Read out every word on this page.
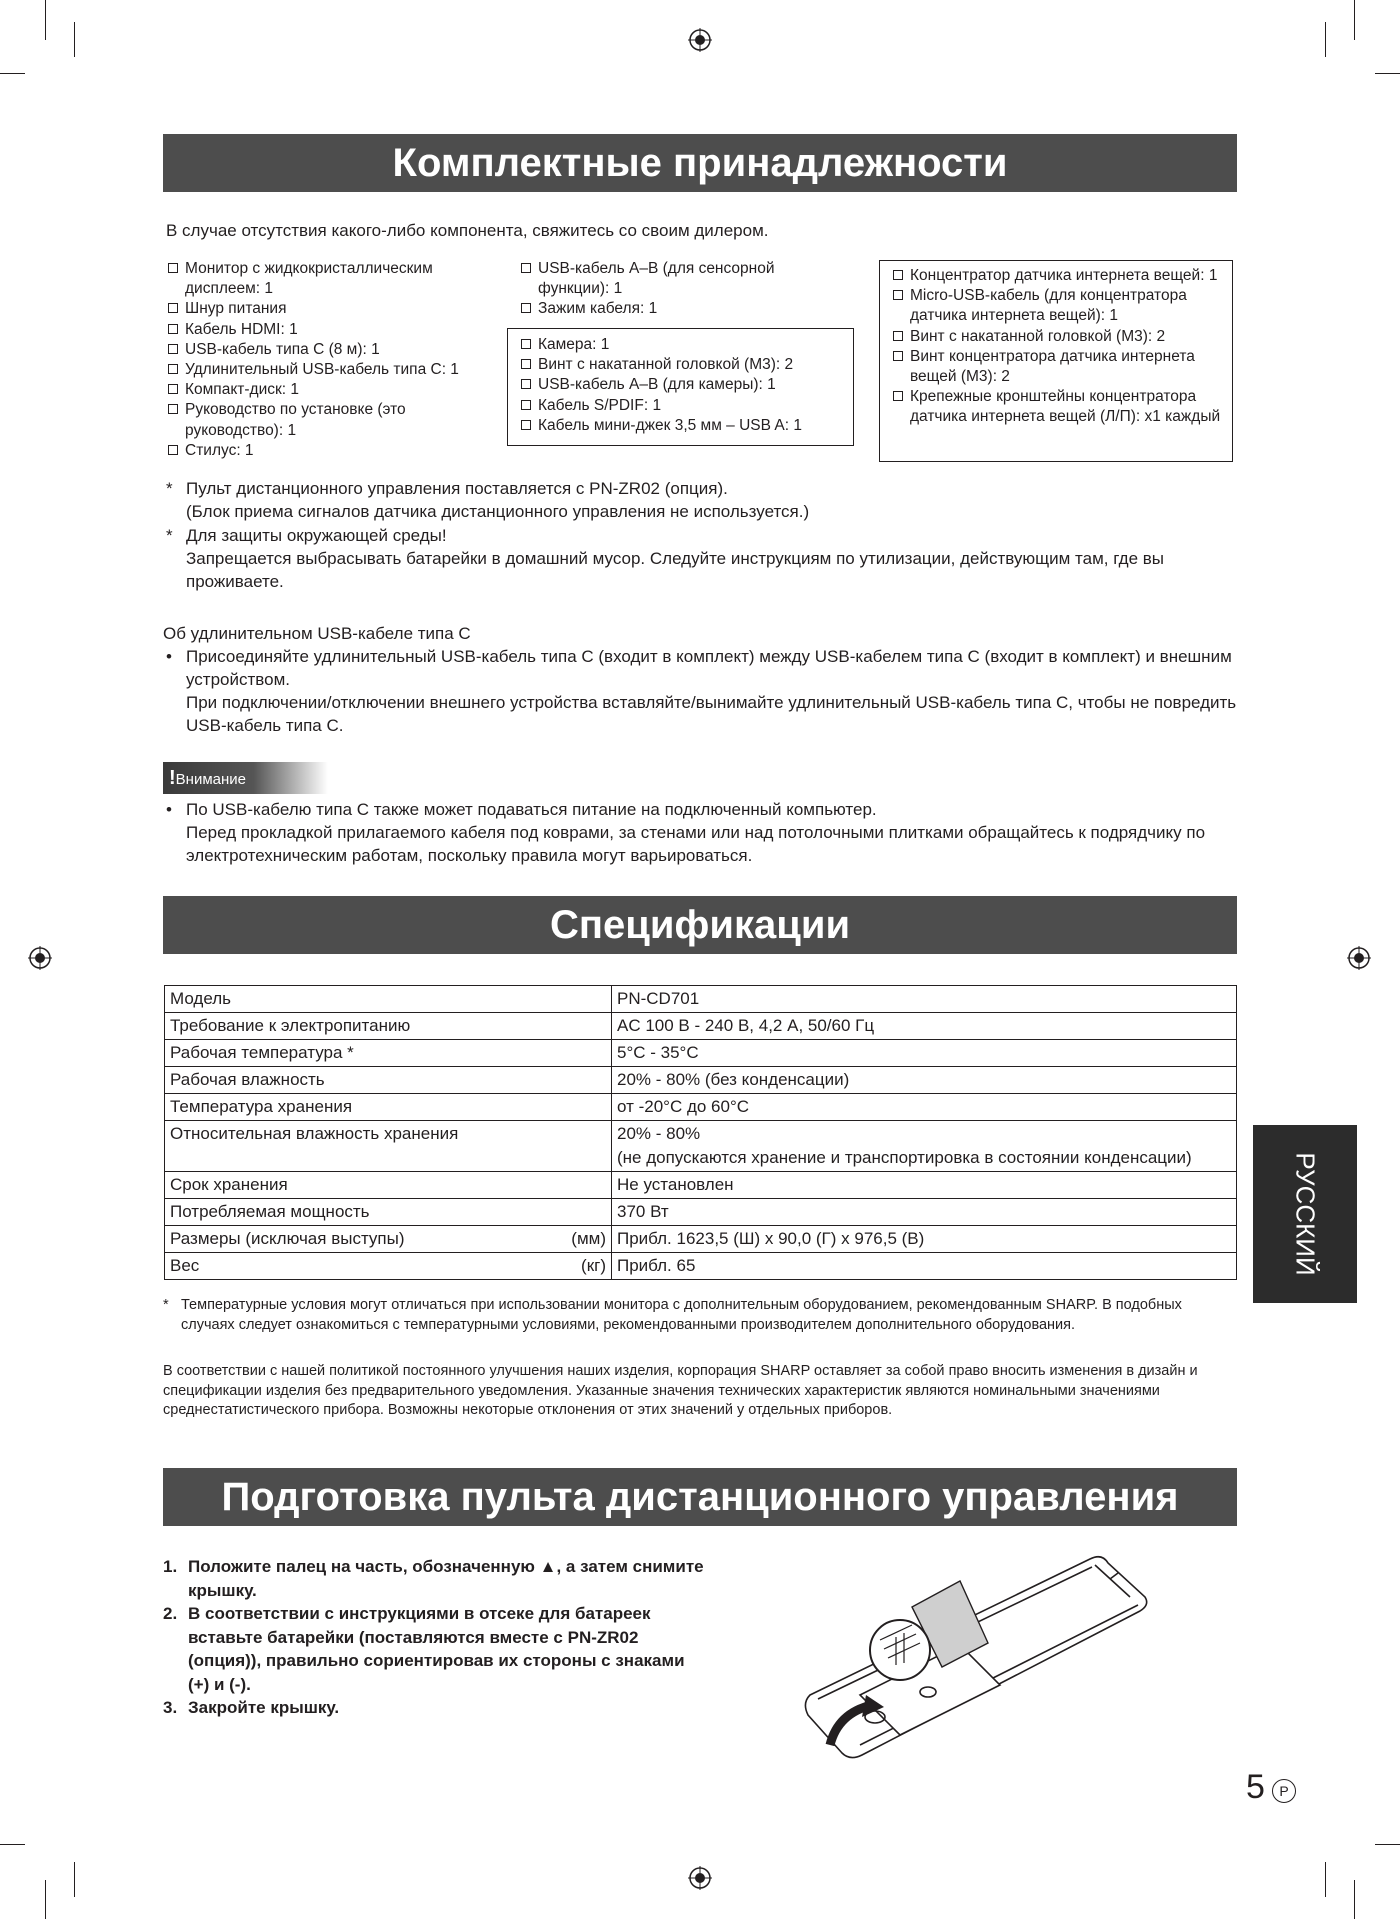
Комплектные принадлежности
В случае отсутствия какого-либо компонента, свяжитесь со своим дилером.
Монитор с жидкокристаллическим дисплеем: 1
Шнур питания
Кабель HDMI: 1
USB-кабель типа C (8 м): 1
Удлинительный USB-кабель типа C: 1
Компакт-диск: 1
Руководство по установке (это руководство): 1
Стилус: 1
USB-кабель A–B (для сенсорной функции): 1
Зажим кабеля: 1
Камера: 1
Винт с накатанной головкой (M3): 2
USB-кабель A–B (для камеры): 1
Кабель S/PDIF: 1
Кабель мини-джек 3,5 мм – USB A: 1
Концентратор датчика интернета вещей: 1
Micro-USB-кабель (для концентратора датчика интернета вещей): 1
Винт с накатанной головкой (M3): 2
Винт концентратора датчика интернета вещей (M3): 2
Крепежные кронштейны концентратора датчика интернета вещей (Л/П): x1 каждый
* Пульт дистанционного управления поставляется с PN-ZR02 (опция).
(Блок приема сигналов датчика дистанционного управления не используется.)
* Для защиты окружающей среды!
Запрещается выбрасывать батарейки в домашний мусор. Следуйте инструкциям по утилизации, действующим там, где вы проживаете.
Об удлинительном USB-кабеле типа C
• Присоединяйте удлинительный USB-кабель типа C (входит в комплект) между USB-кабелем типа C (входит в комплект) и внешним устройством.
При подключении/отключении внешнего устройства вставляйте/вынимайте удлинительный USB-кабель типа C, чтобы не повредить USB-кабель типа C.
!Внимание
• По USB-кабелю типа C также может подаваться питание на подключенный компьютер.
Перед прокладкой прилагаемого кабеля под коврами, за стенами или над потолочными плитками обращайтесь к подрядчику по электротехническим работам, поскольку правила могут варьироваться.
Спецификации
Модель	PN-CD701
Требование к электропитанию	AC 100 В - 240 В, 4,2 A, 50/60 Гц
Рабочая температура *	5°C - 35°C
Рабочая влажность	20% - 80% (без конденсации)
Температура хранения	от -20°C до 60°C
Относительная влажность хранения	20% - 80%
(не допускаются хранение и транспортировка в состоянии конденсации)

Срок хранения	Не установлен
Потребляемая мощность	370 Вт
Размеры (исключая выступы) (мм)	Прибл. 1623,5 (Ш) x 90,0 (Г) x 976,5 (В)
Вес (кг)	Прибл. 65
* Температурные условия могут отличаться при использовании монитора с дополнительным оборудованием, рекомендованным SHARP. В подобных случаях следует ознакомиться с температурными условиями, рекомендованными производителем дополнительного оборудования.
В соответствии с нашей политикой постоянного улучшения наших изделия, корпорация SHARP оставляет за собой право вносить изменения в дизайн и спецификации изделия без предварительного уведомления. Указанные значения технических характеристик являются номинальными значениями среднестатистического прибора. Возможны некоторые отклонения от этих значений у отдельных приборов.
Подготовка пульта дистанционного управления
1. Положите палец на часть, обозначенную ▲, а затем снимите крышку.
2. В соответствии с инструкциями в отсеке для батареек вставьте батарейки (поставляются вместе с PN-ZR02 (опция)), правильно сориентировав их стороны с знаками (+) и (-).
3. Закройте крышку.
РУССКИЙ
5	P
